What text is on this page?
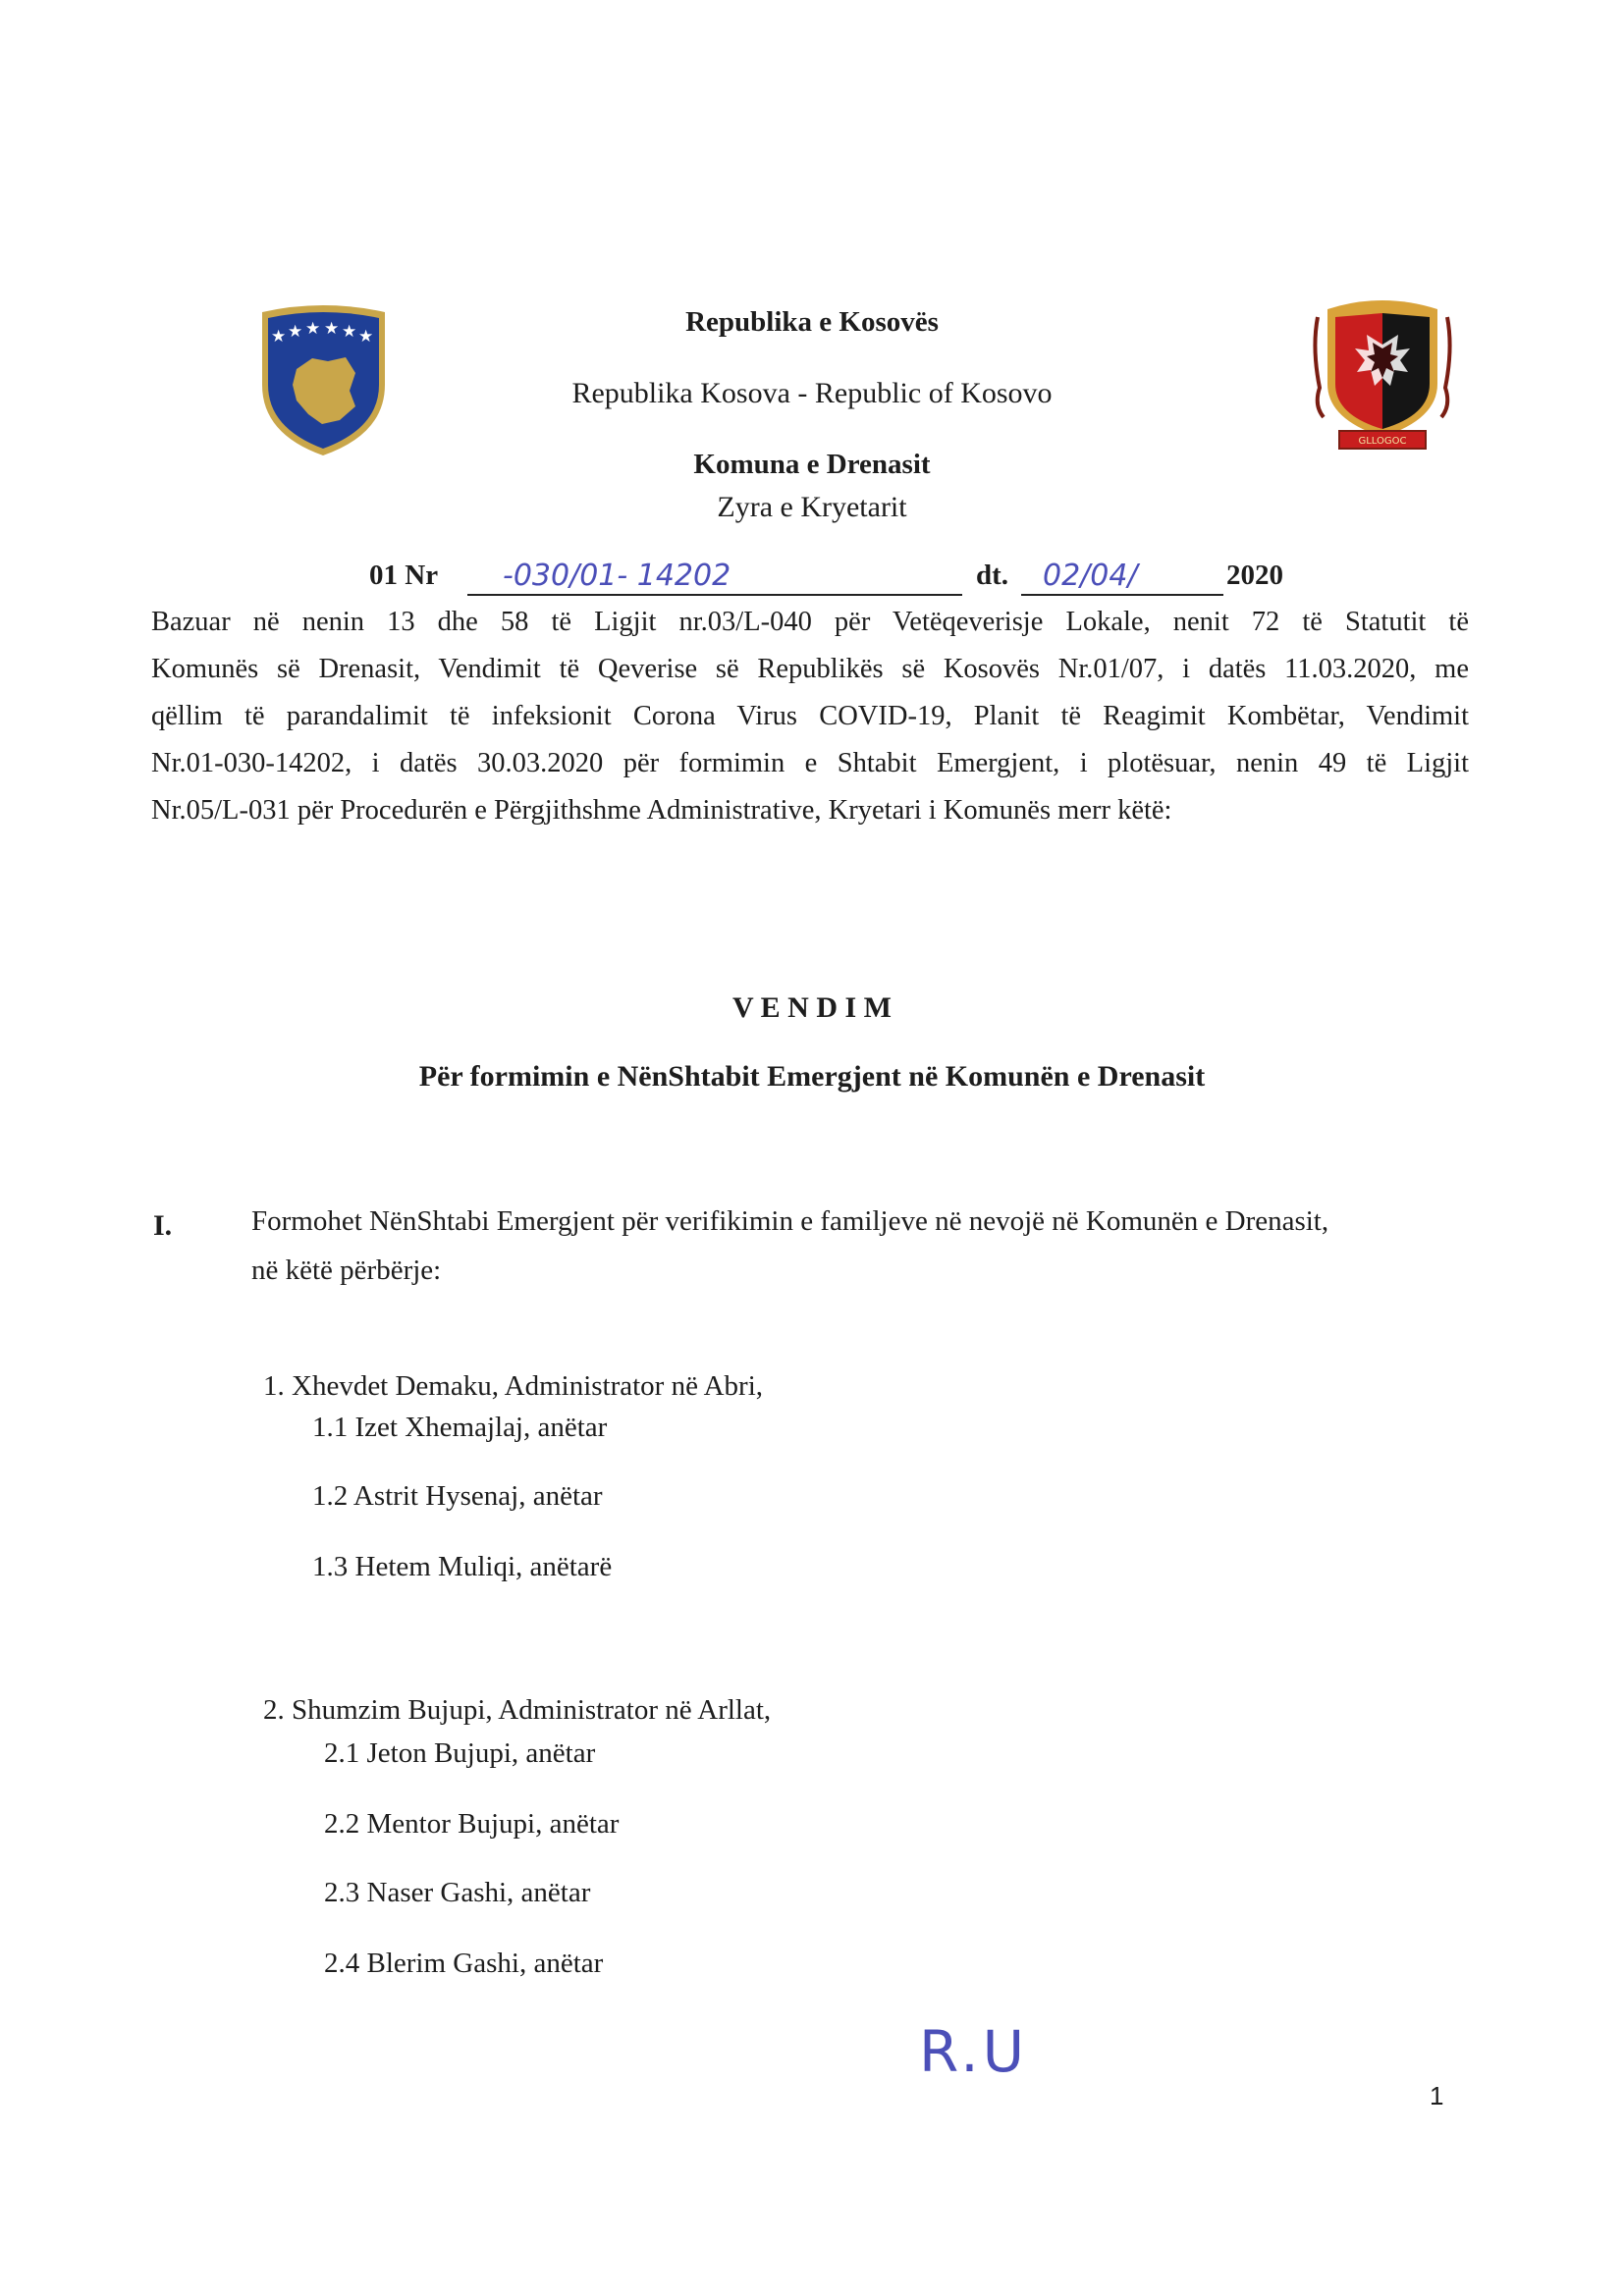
★ ★ ★ ★ ★ ★
GLLOGOC
Republika e Kosovës
Republika Kosova - Republic of Kosovo
Komuna e Drenasit
Zyra e Kryetarit
01 Nr -030/01- 14202	dt. 02/04/	2020
Bazuar në nenin 13 dhe 58 të Ligjit nr.03/L-040 për Vetëqeverisje Lokale, nenit 72 të Statutit të
Komunës së Drenasit, Vendimit të Qeverise së Republikës së Kosovës Nr.01/07, i datës 11.03.2020, me
qëllim të parandalimit të infeksionit Corona Virus COVID-19, Planit të Reagimit Kombëtar, Vendimit
Nr.01-030-14202, i datës 30.03.2020 për formimin e Shtabit Emergjent, i plotësuar, nenin 49 të Ligjit
Nr.05/L-031 për Procedurën e Përgjithshme Administrative, Kryetari i Komunës merr këtë:
V E N D I M
Për formimin e NënShtabit Emergjent në Komunën e Drenasit
I.	Formohet NënShtabi Emergjent për verifikimin e familjeve në nevojë në Komunën e Drenasit,
në këtë përbërje:
1. Xhevdet Demaku, Administrator në Abri,
1.1 Izet Xhemajlaj, anëtar
1.2 Astrit Hysenaj, anëtar
1.3 Hetem Muliqi, anëtarë
2. Shumzim Bujupi, Administrator në Arllat,
2.1 Jeton Bujupi, anëtar
2.2 Mentor Bujupi, anëtar
2.3 Naser Gashi, anëtar
2.4 Blerim Gashi, anëtar
R.U
1
